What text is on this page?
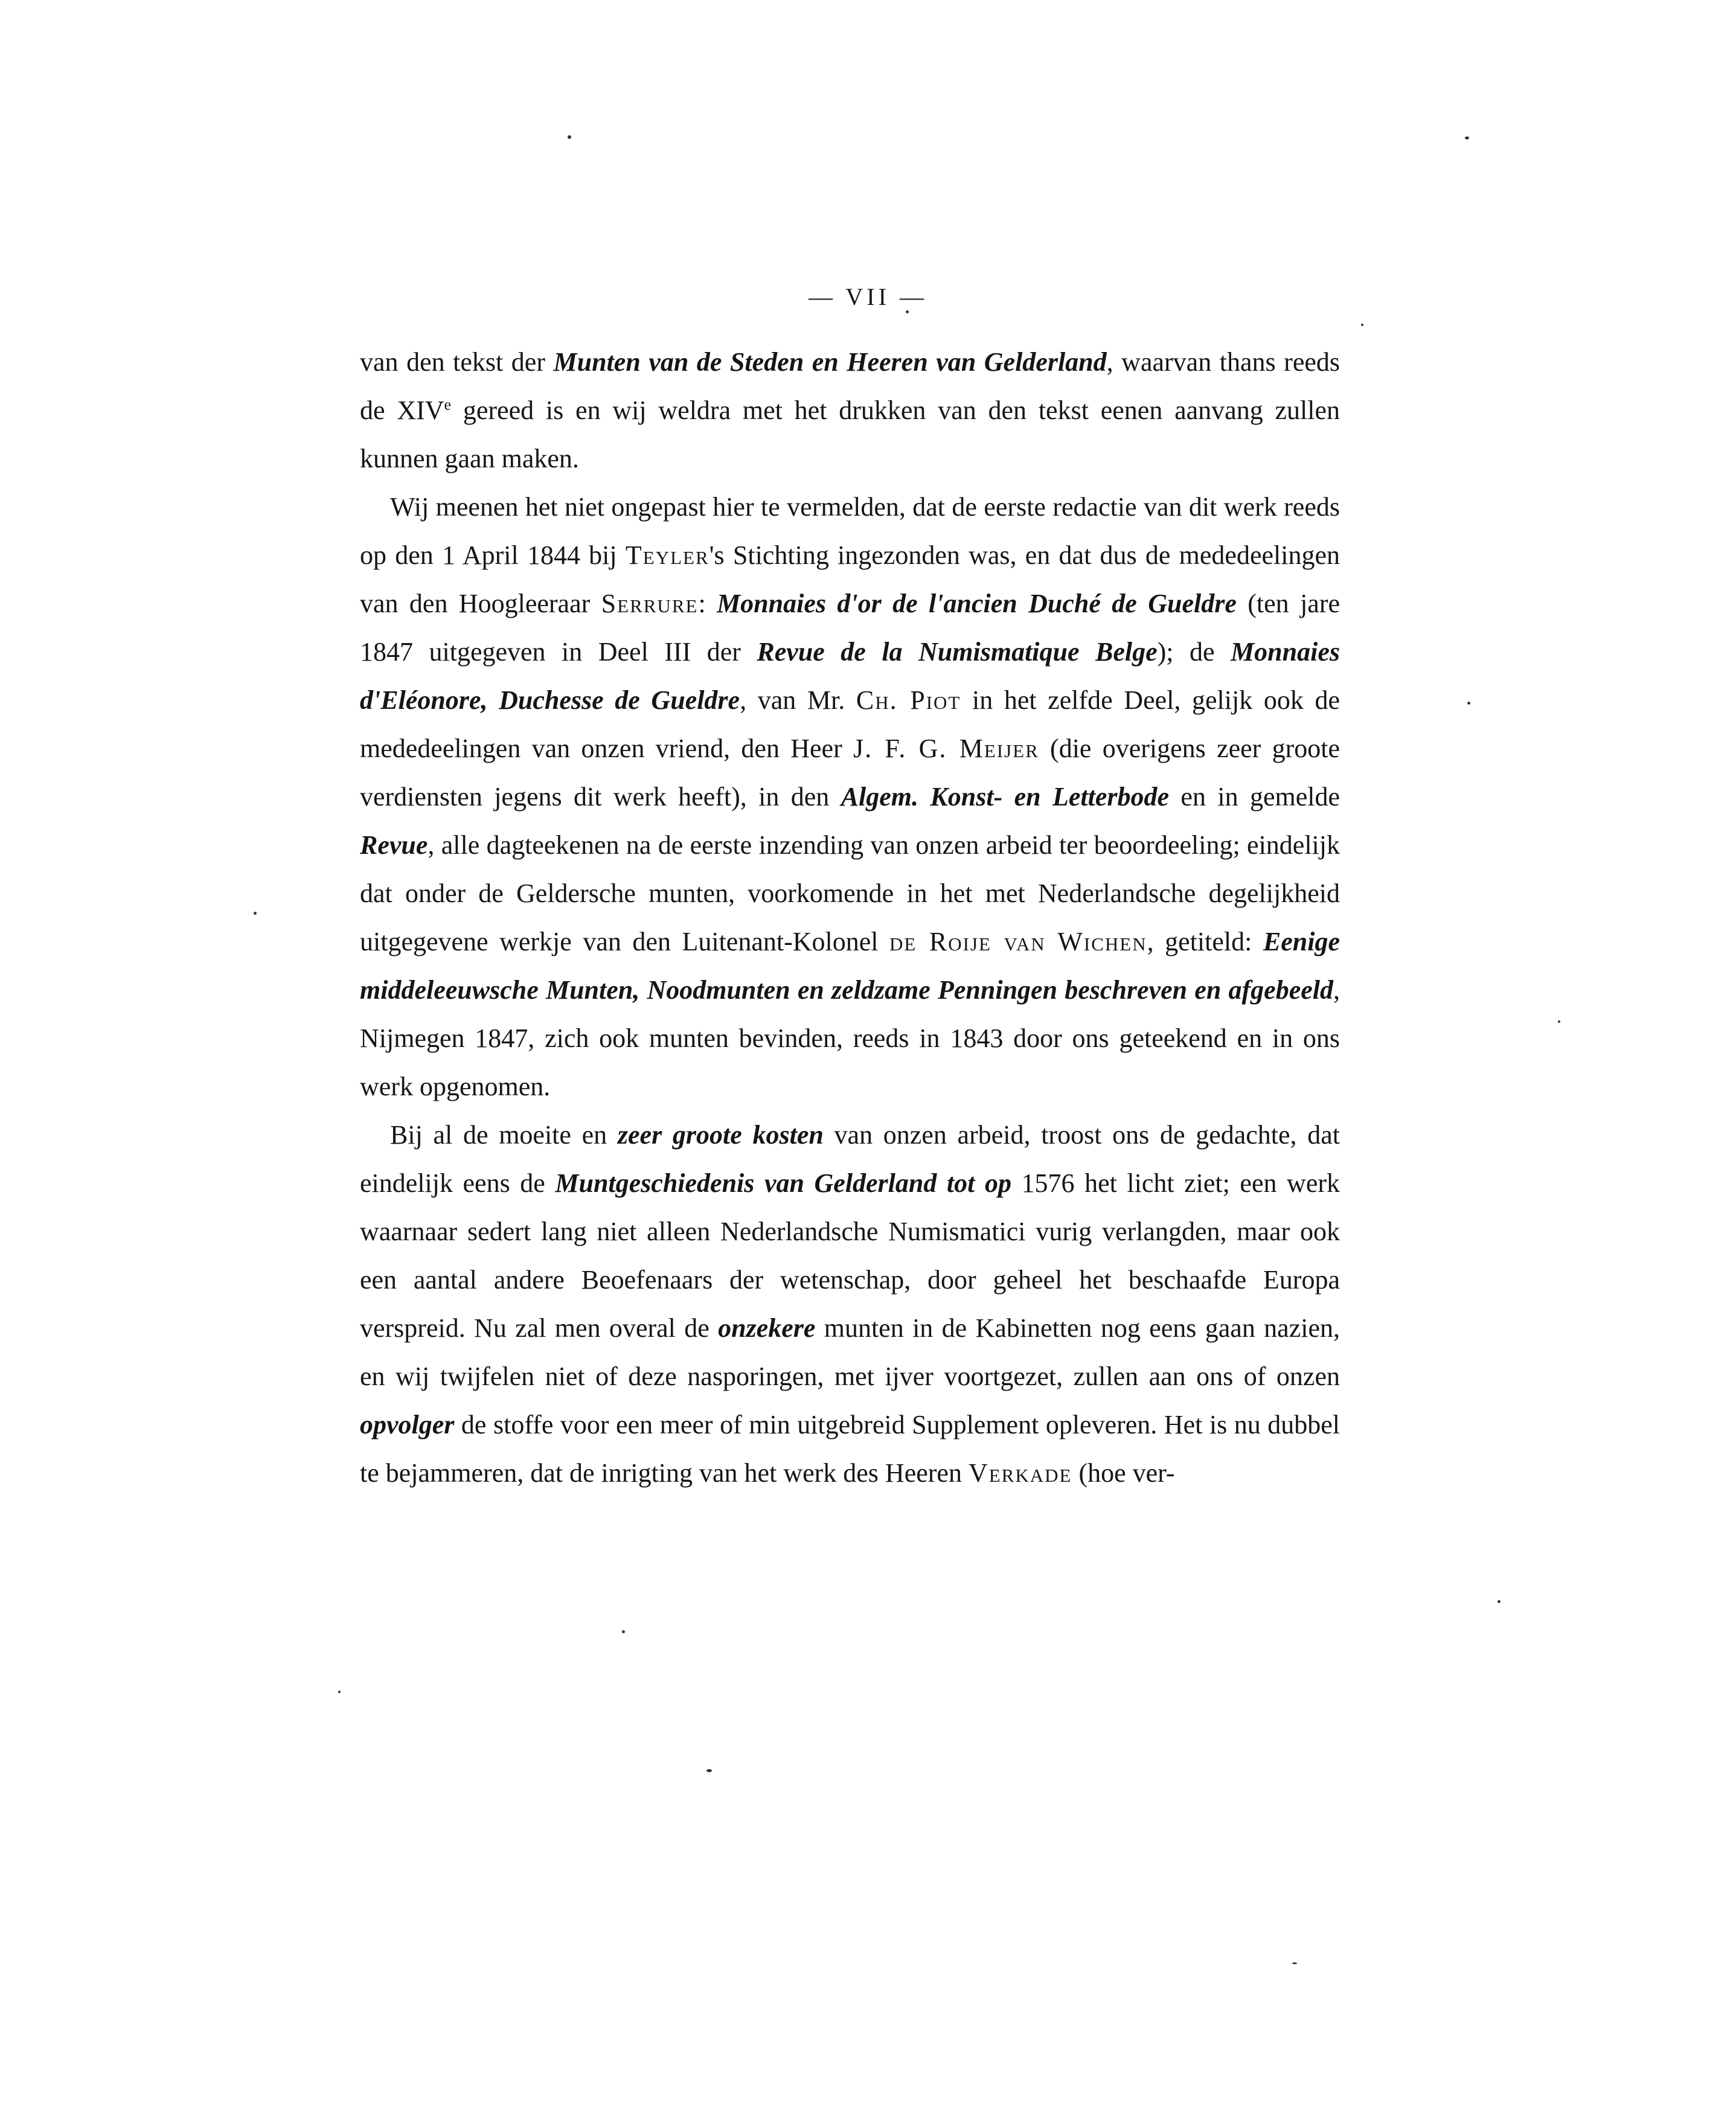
— VII —

van den tekst der Munten van de Steden en Heeren van Gelderland, waarvan thans reeds de XIVe gereed is en wij weldra met het drukken van den tekst eenen aanvang zullen kunnen gaan maken.

Wij meenen het niet ongepast hier te vermelden, dat de eerste redactie van dit werk reeds op den 1 April 1844 bij Teyler's Stichting ingezonden was, en dat dus de mededeelingen van den Hoogleeraar Serrure: Monnaies d'or de l'ancien Duché de Gueldre (ten jare 1847 uitgegeven in Deel III der Revue de la Numismatique Belge); de Monnaies d'Eléonore, Duchesse de Gueldre, van Mr. Ch. Piot in het zelfde Deel, gelijk ook de mededeelingen van onzen vriend, den Heer J. F. G. Meijer (die overigens zeer groote verdiensten jegens dit werk heeft), in den Algem. Konst- en Letterbode en in gemelde Revue, alle dagteekenen na de eerste inzending van onzen arbeid ter beoordeeling; eindelijk dat onder de Geldersche munten, voorkomende in het met Nederlandsche degelijkheid uitgegevene werkje van den Luitenant-Kolonel de Roije van Wichen, getiteld: Eenige middeleeuwsche Munten, Noodmunten en zeldzame Penningen beschreven en afgebeeld, Nijmegen 1847, zich ook munten bevinden, reeds in 1843 door ons geteekend en in ons werk opgenomen.

Bij al de moeite en zeer groote kosten van onzen arbeid, troost ons de gedachte, dat eindelijk eens de Muntgeschiedenis van Gelderland tot op 1576 het licht ziet; een werk waarnaar sedert lang niet alleen Nederlandsche Numismatici vurig verlangden, maar ook een aantal andere Beoefenaars der wetenschap, door geheel het beschaafde Europa verspreid. Nu zal men overal de onzekere munten in de Kabinetten nog eens gaan nazien, en wij twijfelen niet of deze nasporingen, met ijver voortgezet, zullen aan ons of onzen opvolger de stoffe voor een meer of min uitgebreid Supplement opleveren. Het is nu dubbel te bejammeren, dat de inrigting van het werk des Heeren Verkade (hoe ver-
